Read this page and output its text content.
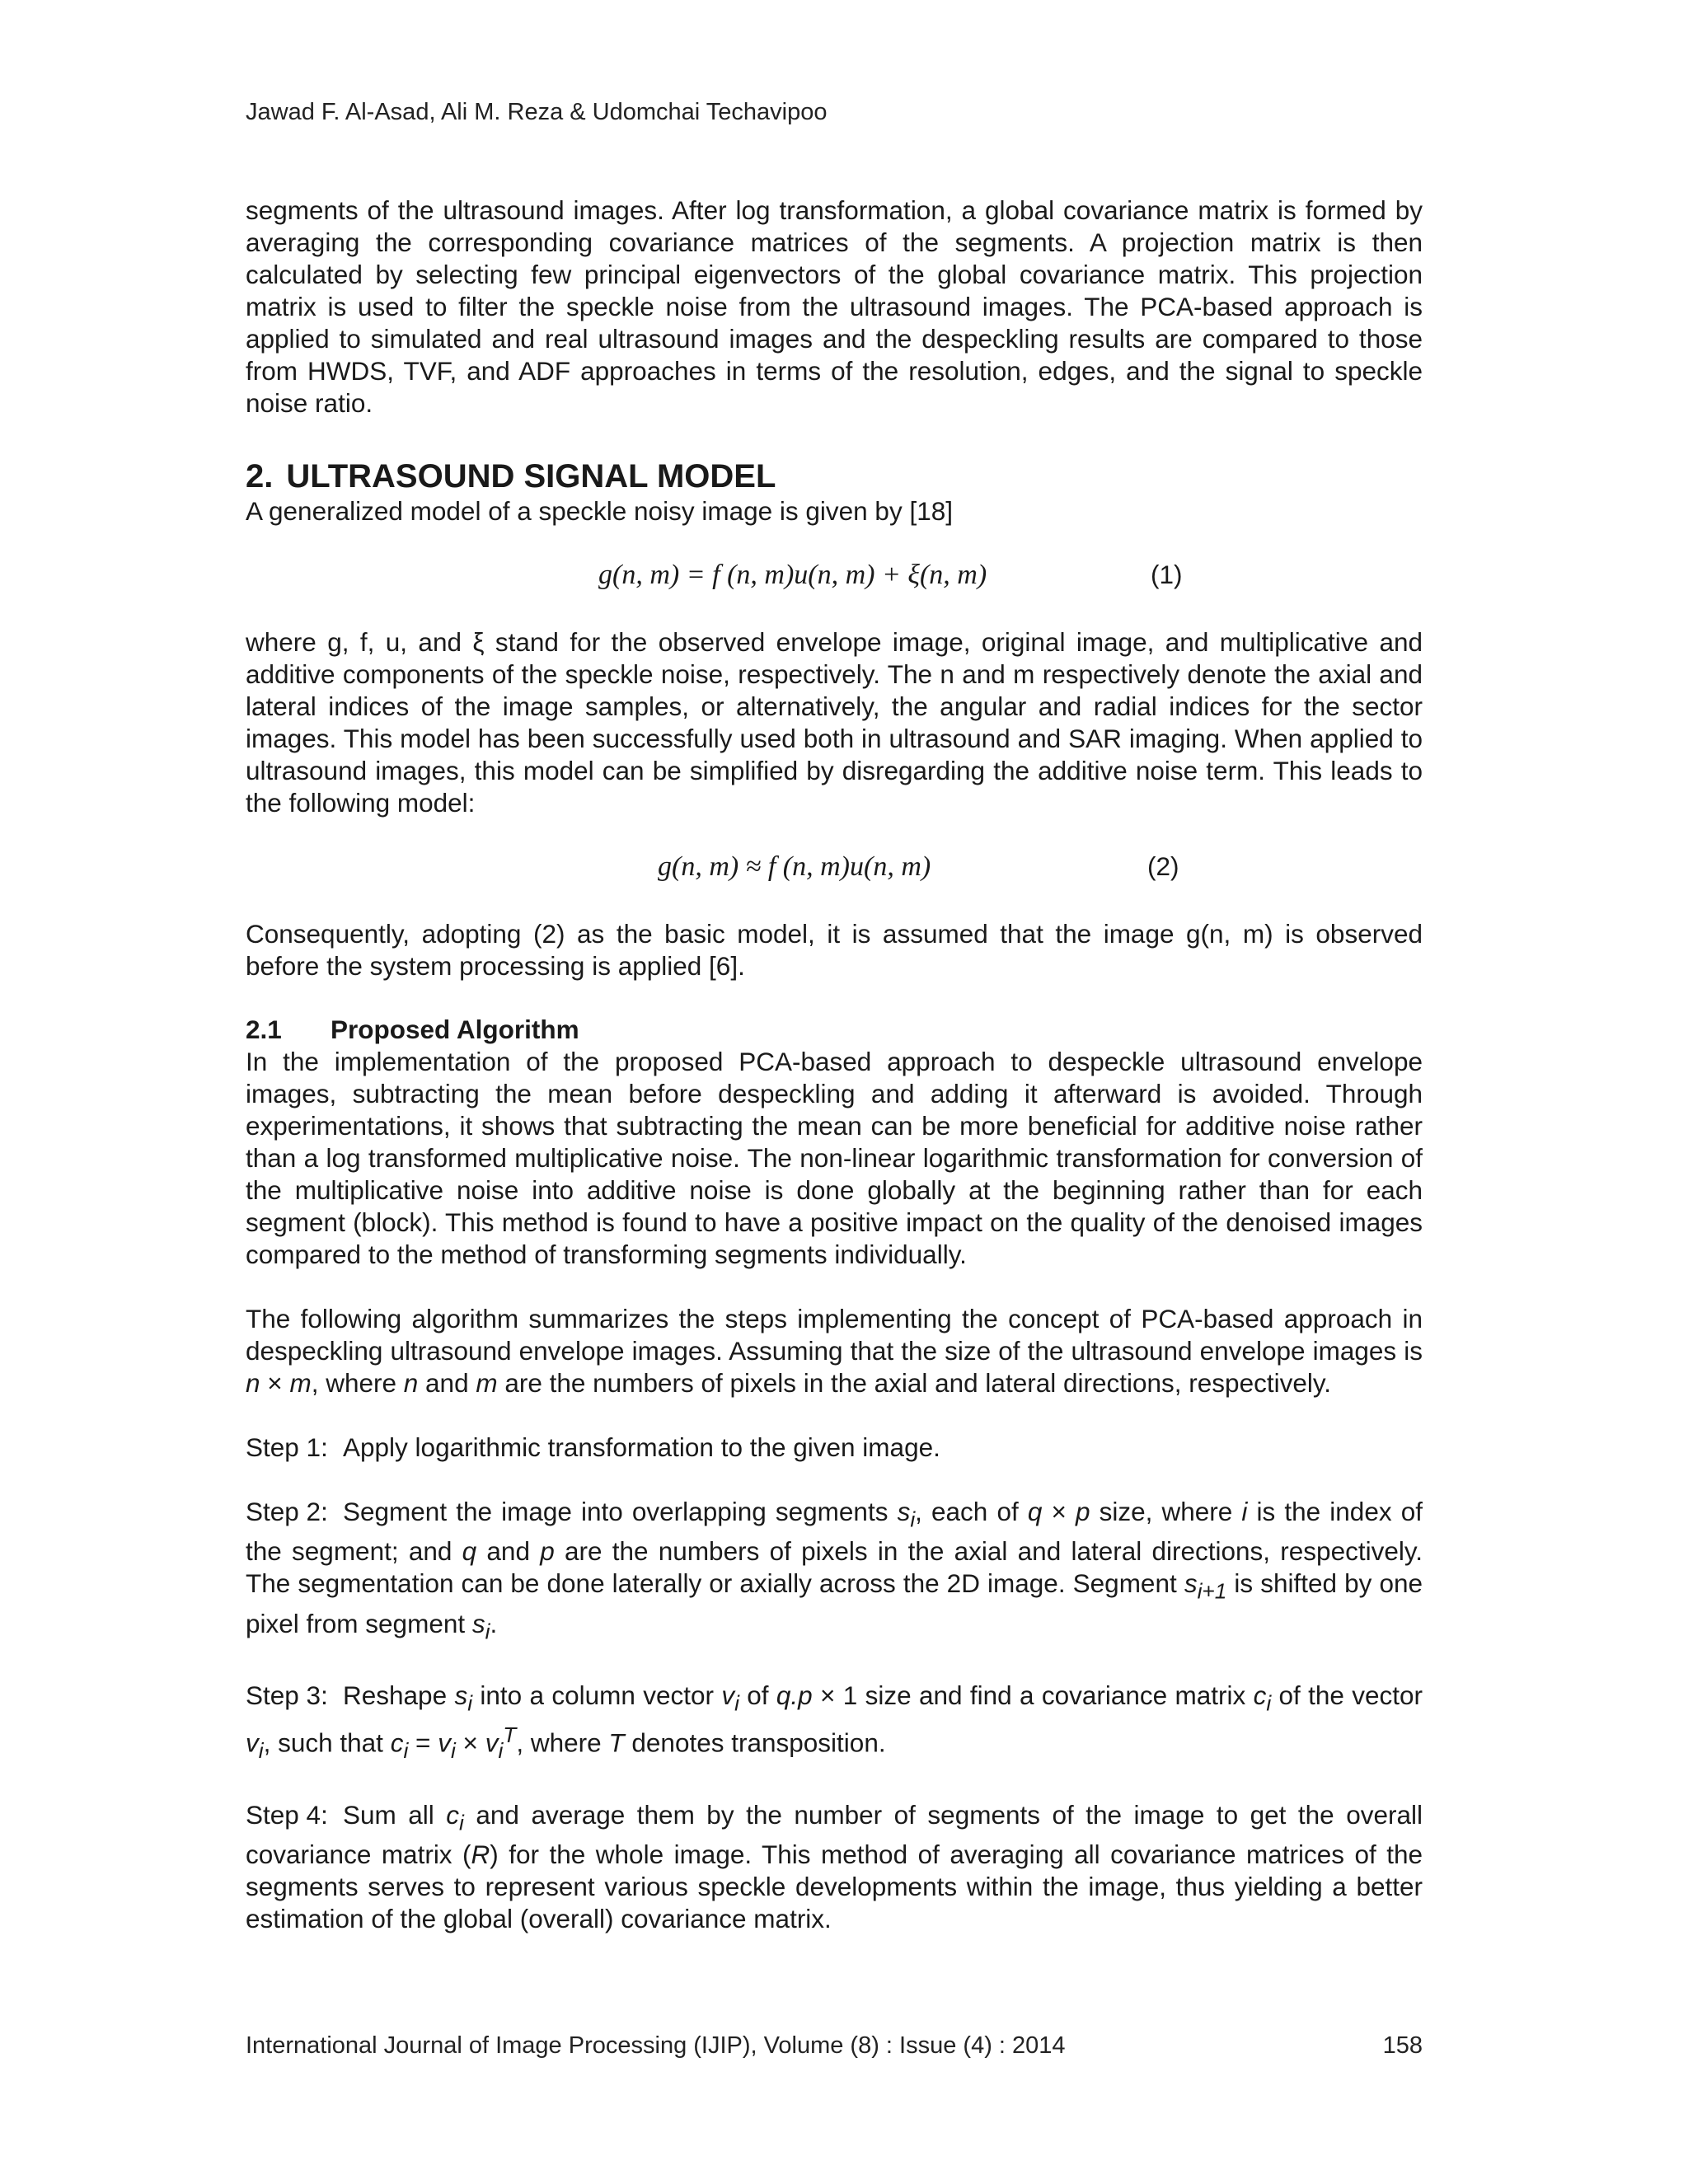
Jawad F. Al-Asad, Ali M. Reza & Udomchai Techavipoo

segments of the ultrasound images. After log transformation, a global covariance matrix is formed by averaging the corresponding covariance matrices of the segments. A projection matrix is then calculated by selecting few principal eigenvectors of the global covariance matrix. This projection matrix is used to filter the speckle noise from the ultrasound images. The PCA-based approach is applied to simulated and real ultrasound images and the despeckling results are compared to those from HWDS, TVF, and ADF approaches in terms of the resolution, edges, and the signal to speckle noise ratio.

2. ULTRASOUND SIGNAL MODEL

A generalized model of a speckle noisy image is given by [18]

g(n, m) = f (n, m)u(n, m) + ξ(n, m)	(1)

where g, f, u, and ξ stand for the observed envelope image, original image, and multiplicative and additive components of the speckle noise, respectively. The n and m respectively denote the axial and lateral indices of the image samples, or alternatively, the angular and radial indices for the sector images. This model has been successfully used both in ultrasound and SAR imaging. When applied to ultrasound images, this model can be simplified by disregarding the additive noise term. This leads to the following model:

g(n, m) ≈ f (n, m)u(n, m)	(2)

Consequently, adopting (2) as the basic model, it is assumed that the image g(n, m) is observed before the system processing is applied [6].

2.1 Proposed Algorithm

In the implementation of the proposed PCA-based approach to despeckle ultrasound envelope images, subtracting the mean before despeckling and adding it afterward is avoided. Through experimentations, it shows that subtracting the mean can be more beneficial for additive noise rather than a log transformed multiplicative noise. The non-linear logarithmic transformation for conversion of the multiplicative noise into additive noise is done globally at the beginning rather than for each segment (block). This method is found to have a positive impact on the quality of the denoised images compared to the method of transforming segments individually.

The following algorithm summarizes the steps implementing the concept of PCA-based approach in despeckling ultrasound envelope images. Assuming that the size of the ultrasound envelope images is n × m, where n and m are the numbers of pixels in the axial and lateral directions, respectively.

Step 1: Apply logarithmic transformation to the given image.

Step 2: Segment the image into overlapping segments $s_i$, each of q × p size, where i is the index of the segment; and q and p are the numbers of pixels in the axial and lateral directions, respectively. The segmentation can be done laterally or axially across the 2D image. Segment $s_{i+1}$ is shifted by one pixel from segment $s_i$.

Step 3: Reshape $s_i$ into a column vector $v_i$ of q.p × 1 size and find a covariance matrix $c_i$ of the vector $v_i$, such that $c_i = v_i \times v_i^T$, where T denotes transposition.

Step 4: Sum all $c_i$ and average them by the number of segments of the image to get the overall covariance matrix (R) for the whole image. This method of averaging all covariance matrices of the segments serves to represent various speckle developments within the image, thus yielding a better estimation of the global (overall) covariance matrix.

International Journal of Image Processing (IJIP), Volume (8) : Issue (4) : 2014	158
